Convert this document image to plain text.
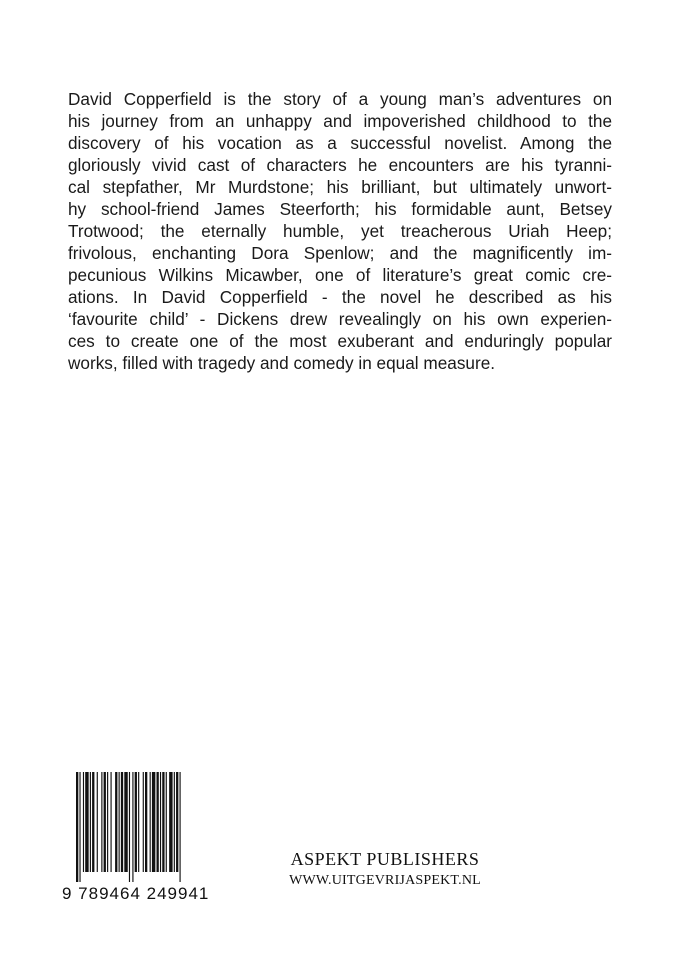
David Copperfield is the story of a young man’s adventures on
his journey from an unhappy and impoverished childhood to the
discovery of his vocation as a successful novelist. Among the
gloriously vivid cast of characters he encounters are his tyranni-
cal stepfather, Mr Murdstone; his brilliant, but ultimately unwort-
hy school-friend James Steerforth; his formidable aunt, Betsey
Trotwood; the eternally humble, yet treacherous Uriah Heep;
frivolous, enchanting Dora Spenlow; and the magnificently im-
pecunious Wilkins Micawber, one of literature’s great comic cre-
ations. In David Copperfield - the novel he described as his
‘favourite child’ - Dickens drew revealingly on his own experien-
ces to create one of the most exuberant and enduringly popular
works, filled with tragedy and comedy in equal measure.
9 789464 249941
ASPEKT PUBLISHERS
WWW.UITGEVRIJASPEKT.NL
